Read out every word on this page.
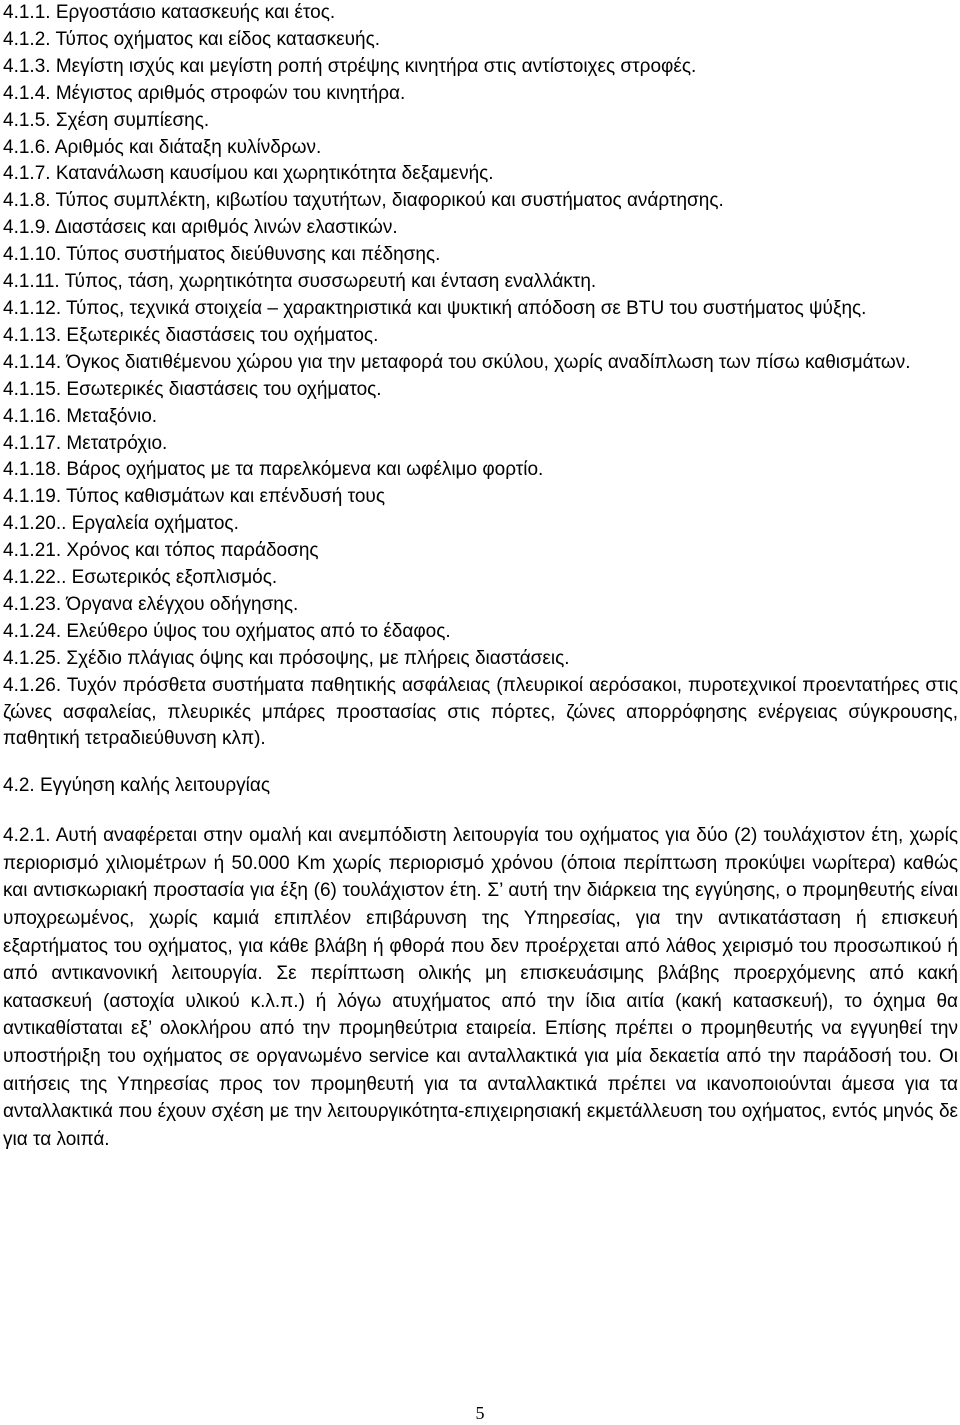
4.1.1. Εργοστάσιο κατασκευής και έτος.

4.1.2. Τύπος οχήματος και είδος κατασκευής.

4.1.3. Μεγίστη ισχύς και μεγίστη ροπή στρέψης κινητήρα στις αντίστοιχες στροφές.

4.1.4. Μέγιστος αριθμός στροφών του κινητήρα.

4.1.5. Σχέση συμπίεσης.

4.1.6. Αριθμός και διάταξη κυλίνδρων.

4.1.7. Κατανάλωση καυσίμου και χωρητικότητα δεξαμενής.

4.1.8. Τύπος συμπλέκτη, κιβωτίου ταχυτήτων, διαφορικού και συστήματος ανάρτησης.

4.1.9. Διαστάσεις και αριθμός λινών ελαστικών.

4.1.10. Τύπος συστήματος διεύθυνσης και πέδησης.

4.1.11. Τύπος, τάση, χωρητικότητα συσσωρευτή και ένταση εναλλάκτη.

4.1.12. Τύπος, τεχνικά στοιχεία – χαρακτηριστικά και ψυκτική απόδοση σε BTU του συστήματος ψύξης.

4.1.13. Εξωτερικές διαστάσεις του οχήματος.

4.1.14. Όγκος διατιθέμενου χώρου για την μεταφορά του σκύλου, χωρίς αναδίπλωση των πίσω καθισμάτων.

4.1.15. Εσωτερικές διαστάσεις του οχήματος.

4.1.16. Μεταξόνιο.

4.1.17. Μετατρόχιο.

4.1.18. Βάρος οχήματος με τα παρελκόμενα και ωφέλιμο φορτίο.

4.1.19. Τύπος καθισμάτων και επένδυσή τους

4.1.20.. Εργαλεία οχήματος.

4.1.21. Χρόνος και τόπος παράδοσης

4.1.22.. Εσωτερικός εξοπλισμός.

4.1.23. Όργανα ελέγχου οδήγησης.

4.1.24. Ελεύθερο ύψος του οχήματος από το έδαφος.

4.1.25. Σχέδιο πλάγιας όψης και πρόσοψης, με πλήρεις διαστάσεις.

4.1.26. Τυχόν πρόσθετα συστήματα παθητικής ασφάλειας (πλευρικοί αερόσακοι, πυροτεχνικοί προεντατήρες στις ζώνες ασφαλείας, πλευρικές μπάρες προστασίας στις πόρτες, ζώνες απορρόφησης ενέργειας σύγκρουσης, παθητική τετραδιεύθυνση κλπ).

4.2. Εγγύηση καλής λειτουργίας

4.2.1. Αυτή αναφέρεται στην ομαλή και ανεμπόδιστη λειτουργία του οχήματος για δύο (2) τουλάχιστον έτη, χωρίς περιορισμό χιλιομέτρων ή 50.000 Km χωρίς περιορισμό χρόνου (όποια περίπτωση προκύψει νωρίτερα) καθώς και αντισκωριακή προστασία για έξη (6) τουλάχιστον έτη. Σ’ αυτή την διάρκεια της εγγύησης, ο προμηθευτής είναι υποχρεωμένος, χωρίς καμιά επιπλέον επιβάρυνση της Υπηρεσίας, για την αντικατάσταση ή επισκευή εξαρτήματος του οχήματος, για κάθε βλάβη ή φθορά που δεν προέρχεται από λάθος χειρισμό του προσωπικού ή από αντικανονική λειτουργία. Σε περίπτωση ολικής μη επισκευάσιμης βλάβης προερχόμενης από κακή κατασκευή (αστοχία υλικού κ.λ.π.) ή λόγω ατυχήματος από την ίδια αιτία (κακή κατασκευή), το όχημα θα αντικαθίσταται εξ’ ολοκλήρου από την προμηθεύτρια εταιρεία. Επίσης πρέπει ο προμηθευτής να εγγυηθεί την υποστήριξη του οχήματος σε οργανωμένο service και ανταλλακτικά για μία δεκαετία από την παράδοσή του. Οι αιτήσεις της Υπηρεσίας προς τον προμηθευτή για τα ανταλλακτικά πρέπει να ικανοποιούνται άμεσα για τα ανταλλακτικά που έχουν σχέση με την λειτουργικότητα-επιχειρησιακή εκμετάλλευση του οχήματος, εντός μηνός δε για τα λοιπά.

5
